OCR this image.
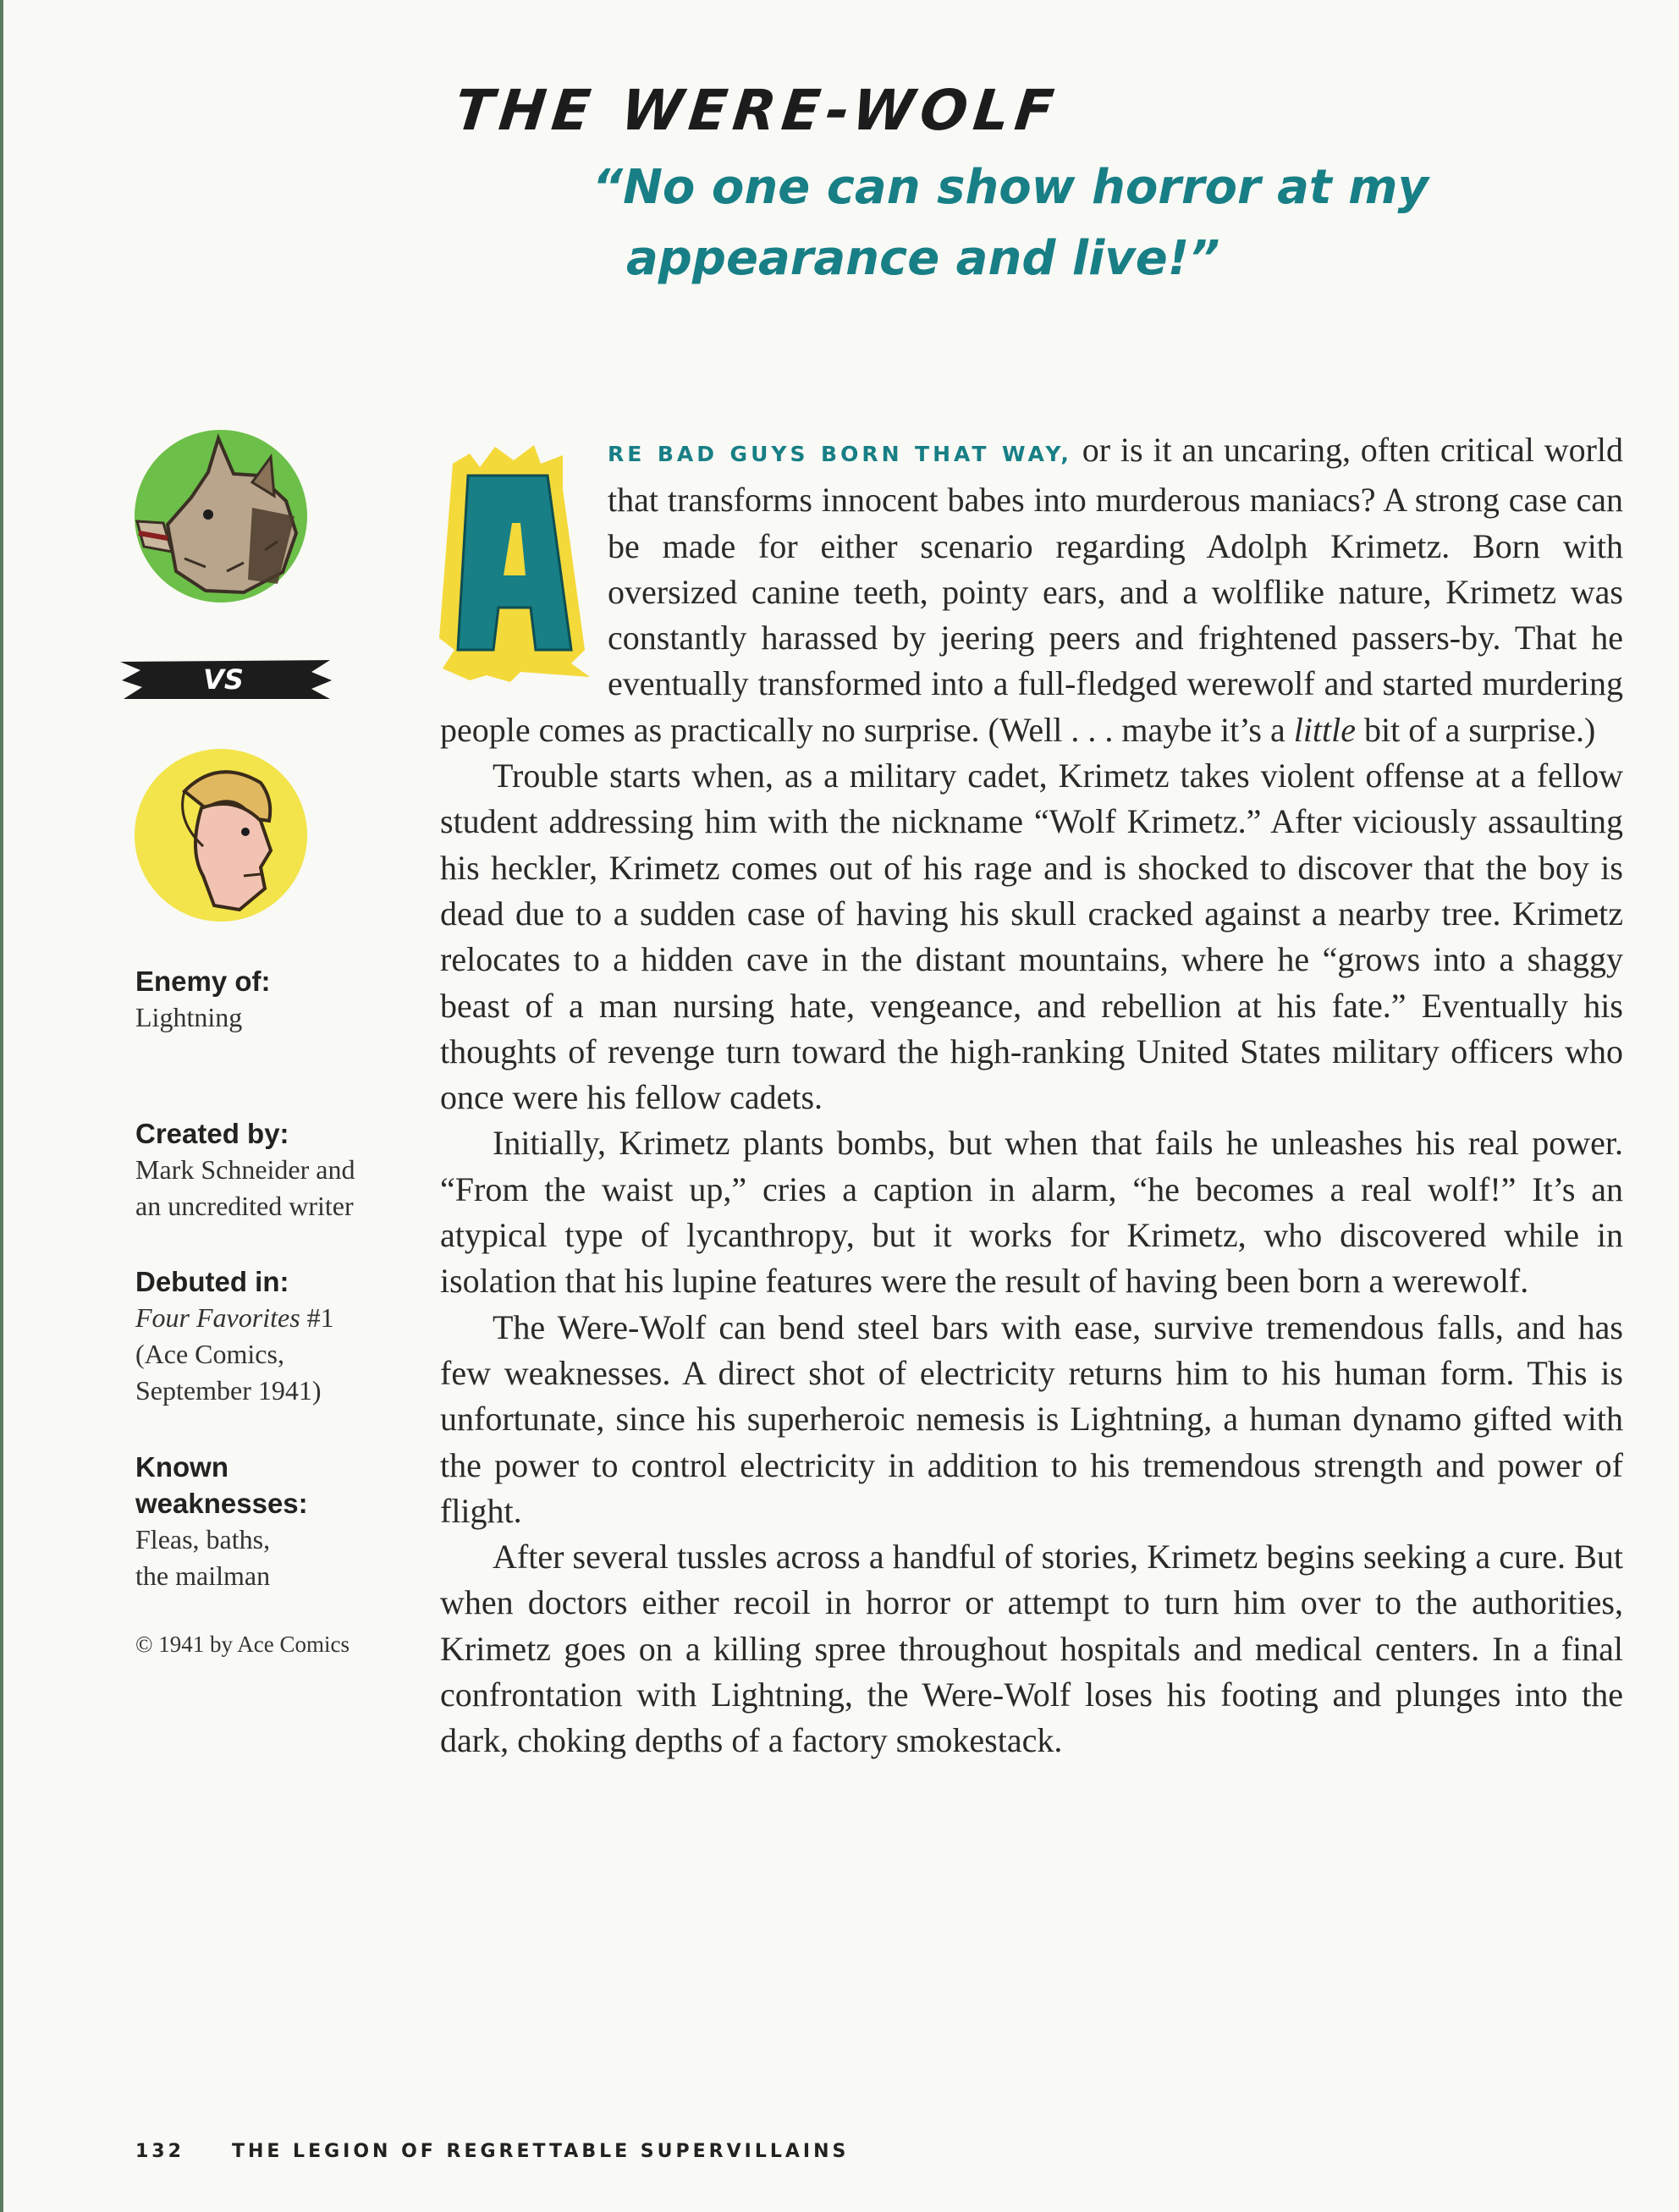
THE WERE-WOLF
“No one can show horror at my
appearance and live!”
VS
Enemy of:
Lightning
Created by:
Mark Schneider and
an uncredited writer
Debuted in:
Four Favorites #1
(Ace Comics,
September 1941)
Known
weaknesses:
Fleas, baths,
the mailman
© 1941 by Ace Comics

RE BAD GUYS BORN THAT WAY, or is it an uncaring, often critical world that transforms innocent babes into murderous maniacs? A strong case can be made for either scenario regarding Adolph Krimetz. Born with oversized canine teeth, pointy ears, and a wolflike nature, Krimetz was constantly harassed by jeering peers and frightened passers-by. That he eventually transformed into a full-fledged werewolf and started murdering people comes as practically no surprise. (Well . . . maybe it’s a little bit of a surprise.)

Trouble starts when, as a military cadet, Krimetz takes violent offense at a fellow student addressing him with the nickname “Wolf Krimetz.” After viciously assaulting his heckler, Krimetz comes out of his rage and is shocked to discover that the boy is dead due to a sudden case of having his skull cracked against a nearby tree. Krimetz relocates to a hidden cave in the distant mountains, where he “grows into a shaggy beast of a man nursing hate, vengeance, and rebellion at his fate.” Eventually his thoughts of revenge turn toward the high-ranking United States military officers who once were his fellow cadets.

Initially, Krimetz plants bombs, but when that fails he unleashes his real power. “From the waist up,” cries a caption in alarm, “he becomes a real wolf!” It’s an atypical type of lycanthropy, but it works for Krimetz, who discovered while in isolation that his lupine features were the result of having been born a werewolf.

The Were-Wolf can bend steel bars with ease, survive tremendous falls, and has few weaknesses. A direct shot of electricity returns him to his human form. This is unfortunate, since his superheroic nemesis is Lightning, a human dynamo gifted with the power to control electricity in addition to his tremendous strength and power of flight.

After several tussles across a handful of stories, Krimetz begins seeking a cure. But when doctors either recoil in horror or attempt to turn him over to the authorities, Krimetz goes on a killing spree throughout hospitals and medical centers. In a final confrontation with Lightning, the Were-Wolf loses his footing and plunges into the dark, choking depths of a factory smokestack.

132	THE LEGION OF REGRETTABLE SUPERVILLAINS
